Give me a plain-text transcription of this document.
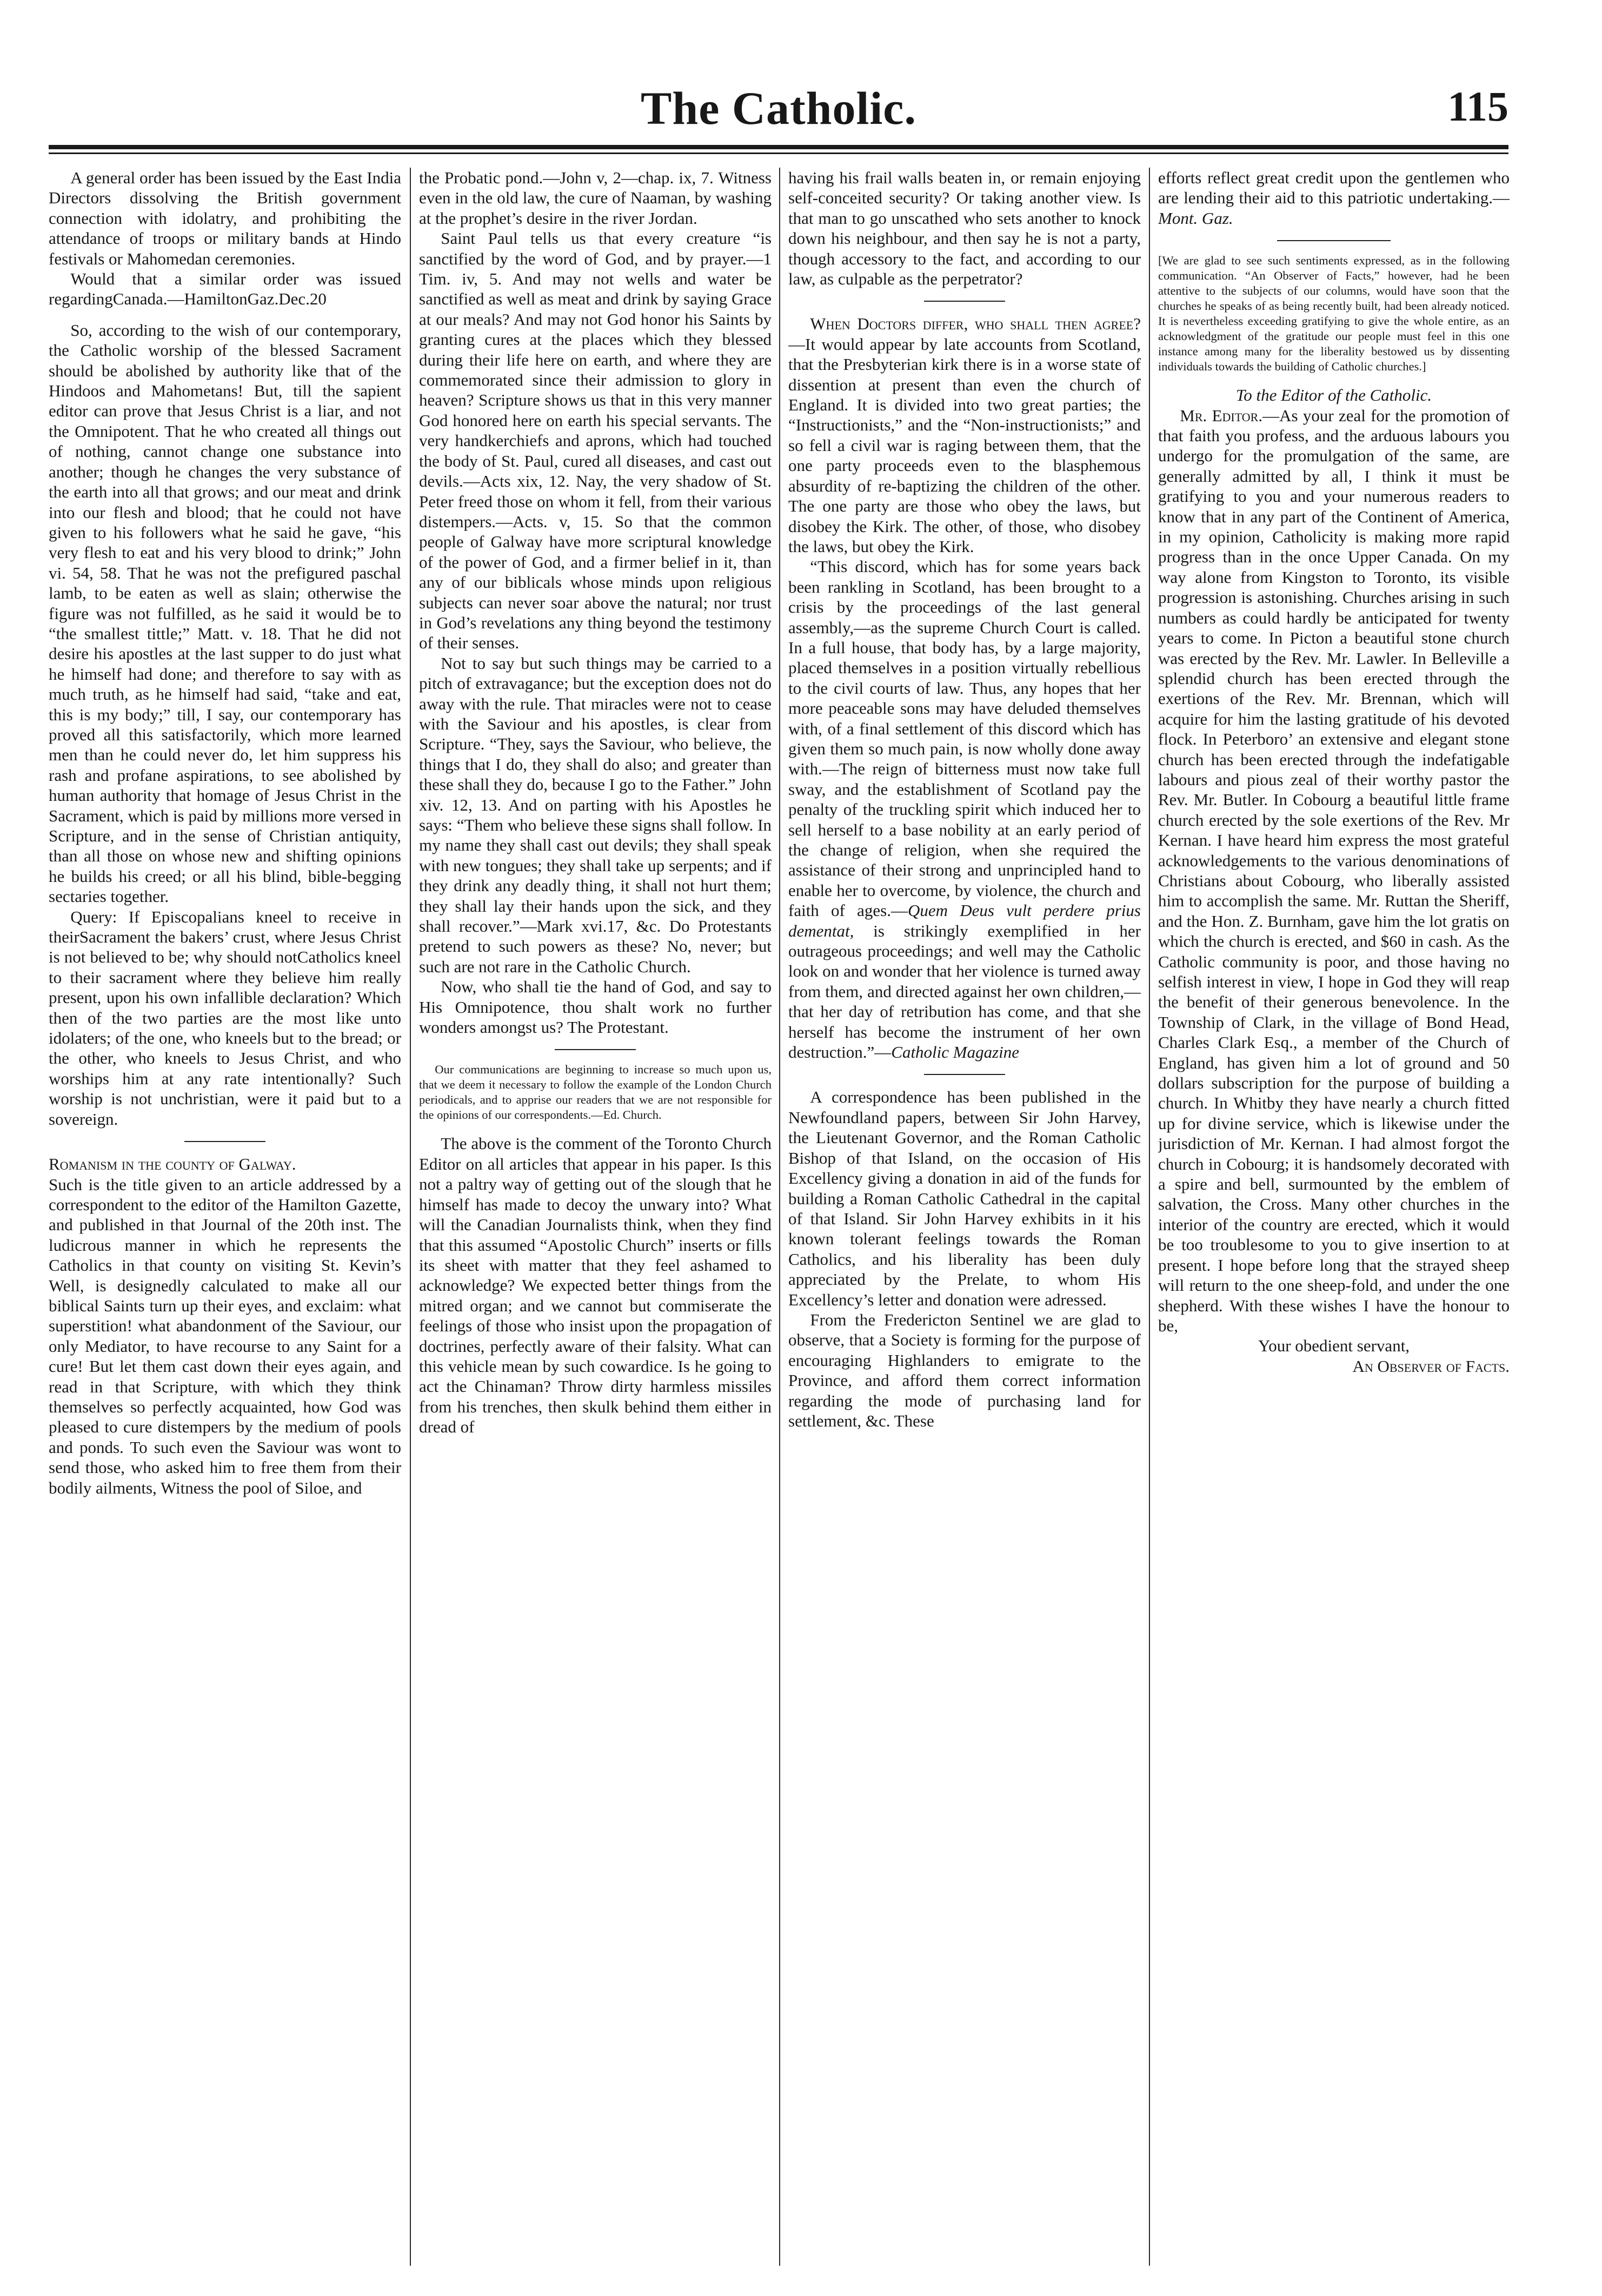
The Catholic.	115

A general order has been issued by the East India Directors dissolving the British government connection with idolatry, and prohibiting the attendance of troops or military bands at Hindo festivals or Mahomedan ceremonies.

Would that a similar order was issued regardingCanada.—HamiltonGaz.Dec.20

So, according to the wish of our contemporary, the Catholic worship of the blessed Sacrament should be abolished by authority like that of the Hindoos and Mahometans! But, till the sapient editor can prove that Jesus Christ is a liar, and not the Omnipotent. That he who created all things out of nothing, cannot change one substance into another; though he changes the very substance of the earth into all that grows; and our meat and drink into our flesh and blood; that he could not have given to his followers what he said he gave, “his very flesh to eat and his very blood to drink;” John vi. 54, 58. That he was not the prefigured paschal lamb, to be eaten as well as slain; otherwise the figure was not fulfilled, as he said it would be to “the smallest tittle;” Matt. v. 18. That he did not desire his apostles at the last supper to do just what he himself had done; and therefore to say with as much truth, as he himself had said, “take and eat, this is my body;” till, I say, our contemporary has proved all this satisfactorily, which more learned men than he could never do, let him suppress his rash and profane aspirations, to see abolished by human authority that homage of Jesus Christ in the Sacrament, which is paid by millions more versed in Scripture, and in the sense of Christian antiquity, than all those on whose new and shifting opinions he builds his creed; or all his blind, bible-begging sectaries together.

Query: If Episcopalians kneel to receive in theirSacrament the bakers’ crust, where Jesus Christ is not believed to be; why should notCatholics kneel to their sacrament where they believe him really present, upon his own infallible declaration? Which then of the two parties are the most like unto idolaters; of the one, who kneels but to the bread; or the other, who kneels to Jesus Christ, and who worships him at any rate intentionally? Such worship is not unchristian, were it paid but to a sovereign.

Romanism in the county of Galway.

Such is the title given to an article addressed by a correspondent to the editor of the Hamilton Gazette, and published in that Journal of the 20th inst. The ludicrous manner in which he represents the Catholics in that county on visiting St. Kevin’s Well, is designedly calculated to make all our biblical Saints turn up their eyes, and exclaim: what superstition! what abandonment of the Saviour, our only Mediator, to have recourse to any Saint for a cure! But let them cast down their eyes again, and read in that Scripture, with which they think themselves so perfectly acquainted, how God was pleased to cure distempers by the medium of pools and ponds. To such even the Saviour was wont to send those, who asked him to free them from their bodily ailments, Witness the pool of Siloe, and

the Probatic pond.—John v, 2—chap. ix, 7. Witness even in the old law, the cure of Naaman, by washing at the prophet’s desire in the river Jordan.

Saint Paul tells us that every creature “is sanctified by the word of God, and by prayer.—1 Tim. iv, 5. And may not wells and water be sanctified as well as meat and drink by saying Grace at our meals? And may not God honor his Saints by granting cures at the places which they blessed during their life here on earth, and where they are commemorated since their admission to glory in heaven? Scripture shows us that in this very manner God honored here on earth his special servants. The very handkerchiefs and aprons, which had touched the body of St. Paul, cured all diseases, and cast out devils.—Acts xix, 12. Nay, the very shadow of St. Peter freed those on whom it fell, from their various distempers.—Acts. v, 15. So that the common people of Galway have more scriptural knowledge of the power of God, and a firmer belief in it, than any of our biblicals whose minds upon religious subjects can never soar above the natural; nor trust in God’s revelations any thing beyond the testimony of their senses.

Not to say but such things may be carried to a pitch of extravagance; but the exception does not do away with the rule. That miracles were not to cease with the Saviour and his apostles, is clear from Scripture. “They, says the Saviour, who believe, the things that I do, they shall do also; and greater than these shall they do, because I go to the Father.” John xiv. 12, 13. And on parting with his Apostles he says: “Them who believe these signs shall follow. In my name they shall cast out devils; they shall speak with new tongues; they shall take up serpents; and if they drink any deadly thing, it shall not hurt them; they shall lay their hands upon the sick, and they shall recover.”—Mark xvi.17, &c. Do Protestants pretend to such powers as these? No, never; but such are not rare in the Catholic Church.

Now, who shall tie the hand of God, and say to His Omnipotence, thou shalt work no further wonders amongst us? The Protestant.

Our communications are beginning to increase so much upon us, that we deem it necessary to follow the example of the London Church periodicals, and to apprise our readers that we are not responsible for the opinions of our correspondents.—Ed. Church.

The above is the comment of the Toronto Church Editor on all articles that appear in his paper. Is this not a paltry way of getting out of the slough that he himself has made to decoy the unwary into? What will the Canadian Journalists think, when they find that this assumed “Apostolic Church” inserts or fills its sheet with matter that they feel ashamed to acknowledge? We expected better things from the mitred organ; and we cannot but commiserate the feelings of those who insist upon the propagation of doctrines, perfectly aware of their falsity. What can this vehicle mean by such cowardice. Is he going to act the Chinaman? Throw dirty harmless missiles from his trenches, then skulk behind them either in dread of

having his frail walls beaten in, or remain enjoying self-conceited security? Or taking another view. Is that man to go unscathed who sets another to knock down his neighbour, and then say he is not a party, though accessory to the fact, and according to our law, as culpable as the perpetrator?

When Doctors differ, who shall then agree?—It would appear by late accounts from Scotland, that the Presbyterian kirk there is in a worse state of dissention at present than even the church of England. It is divided into two great parties; the “Instructionists,” and the “Non-instructionists;” and so fell a civil war is raging between them, that the one party proceeds even to the blasphemous absurdity of re-baptizing the children of the other. The one party are those who obey the laws, but disobey the Kirk. The other, of those, who disobey the laws, but obey the Kirk.

“This discord, which has for some years back been rankling in Scotland, has been brought to a crisis by the proceedings of the last general assembly,—as the supreme Church Court is called. In a full house, that body has, by a large majority, placed themselves in a position virtually rebellious to the civil courts of law. Thus, any hopes that her more peaceable sons may have deluded themselves with, of a final settlement of this discord which has given them so much pain, is now wholly done away with.—The reign of bitterness must now take full sway, and the establishment of Scotland pay the penalty of the truckling spirit which induced her to sell herself to a base nobility at an early period of the change of religion, when she required the assistance of their strong and unprincipled hand to enable her to overcome, by violence, the church and faith of ages.—Quem Deus vult perdere prius dementat, is strikingly exemplified in her outrageous proceedings; and well may the Catholic look on and wonder that her violence is turned away from them, and directed against her own children,—that her day of retribution has come, and that she herself has become the instrument of her own destruction.”—Catholic Magazine

A correspondence has been published in the Newfoundland papers, between Sir John Harvey, the Lieutenant Governor, and the Roman Catholic Bishop of that Island, on the occasion of His Excellency giving a donation in aid of the funds for building a Roman Catholic Cathedral in the capital of that Island. Sir John Harvey exhibits in it his known tolerant feelings towards the Roman Catholics, and his liberality has been duly appreciated by the Prelate, to whom His Excellency’s letter and donation were adressed.

From the Fredericton Sentinel we are glad to observe, that a Society is forming for the purpose of encouraging Highlanders to emigrate to the Province, and afford them correct information regarding the mode of purchasing land for settlement, &c. These

efforts reflect great credit upon the gentlemen who are lending their aid to this patriotic undertaking.—Mont. Gaz.

[We are glad to see such sentiments expressed, as in the following communication. “An Observer of Facts,” however, had he been attentive to the subjects of our columns, would have soon that the churches he speaks of as being recently built, had been already noticed. It is nevertheless exceeding gratifying to give the whole entire, as an acknowledgment of the gratitude our people must feel in this one instance among many for the liberality bestowed us by dissenting individuals towards the building of Catholic churches.]

To the Editor of the Catholic.

Mr. Editor.—As your zeal for the promotion of that faith you profess, and the arduous labours you undergo for the promulgation of the same, are generally admitted by all, I think it must be gratifying to you and your numerous readers to know that in any part of the Continent of America, in my opinion, Catholicity is making more rapid progress than in the once Upper Canada. On my way alone from Kingston to Toronto, its visible progression is astonishing. Churches arising in such numbers as could hardly be anticipated for twenty years to come. In Picton a beautiful stone church was erected by the Rev. Mr. Lawler. In Belleville a splendid church has been erected through the exertions of the Rev. Mr. Brennan, which will acquire for him the lasting gratitude of his devoted flock. In Peterboro’ an extensive and elegant stone church has been erected through the indefatigable labours and pious zeal of their worthy pastor the Rev. Mr. Butler. In Cobourg a beautiful little frame church erected by the sole exertions of the Rev. Mr Kernan. I have heard him express the most grateful acknowledgements to the various denominations of Christians about Cobourg, who liberally assisted him to accomplish the same. Mr. Ruttan the Sheriff, and the Hon. Z. Burnham, gave him the lot gratis on which the church is erected, and $60 in cash. As the Catholic community is poor, and those having no selfish interest in view, I hope in God they will reap the benefit of their generous benevolence. In the Township of Clark, in the village of Bond Head, Charles Clark Esq., a member of the Church of England, has given him a lot of ground and 50 dollars subscription for the purpose of building a church. In Whitby they have nearly a church fitted up for divine service, which is likewise under the jurisdiction of Mr. Kernan. I had almost forgot the church in Cobourg; it is handsomely decorated with a spire and bell, surmounted by the emblem of salvation, the Cross. Many other churches in the interior of the country are erected, which it would be too troublesome to you to give insertion to at present. I hope before long that the strayed sheep will return to the one sheep-fold, and under the one shepherd. With these wishes I have the honour to be,

Your obedient servant,

An Observer of Facts.
